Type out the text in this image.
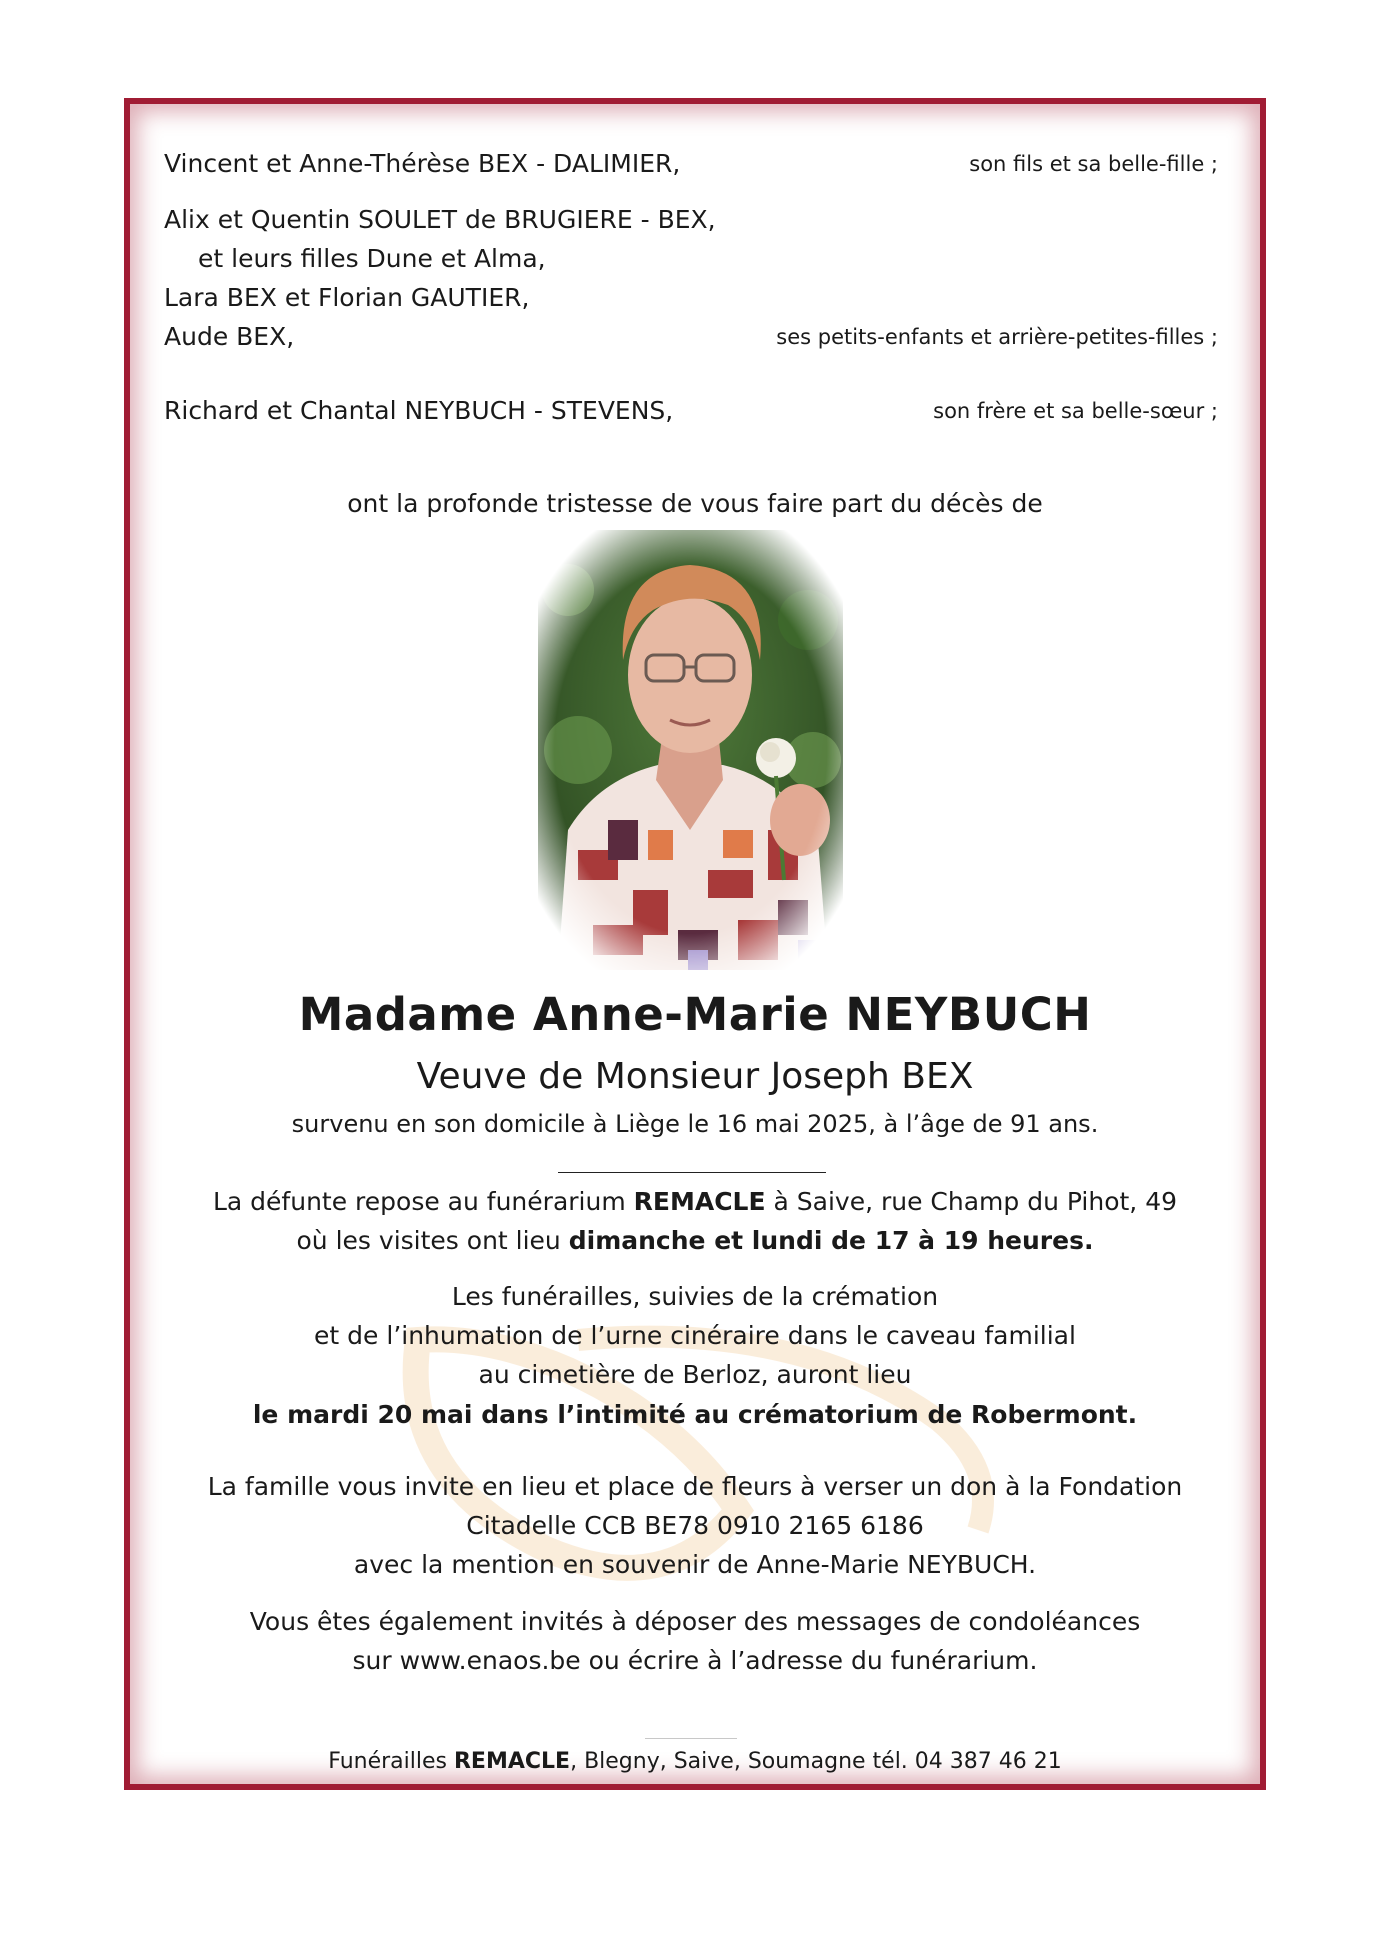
Vincent et Anne-Thérèse BEX - DALIMIER,	son fils et sa belle-fille ;
Alix et Quentin SOULET de BRUGIERE - BEX,
et leurs filles Dune et Alma,
Lara BEX et Florian GAUTIER,
Aude BEX,	ses petits-enfants et arrière-petites-filles ;
Richard et Chantal NEYBUCH - STEVENS,	son frère et sa belle-sœur ;
ont la profonde tristesse de vous faire part du décès de
Madame Anne-Marie NEYBUCH
Veuve de Monsieur Joseph BEX
survenu en son domicile à Liège le 16 mai 2025, à l’âge de 91 ans.
La défunte repose au funérarium REMACLE à Saive, rue Champ du Pihot, 49
où les visites ont lieu dimanche et lundi de 17 à 19 heures.
Les funérailles, suivies de la crémation
et de l’inhumation de l’urne cinéraire dans le caveau familial
au cimetière de Berloz, auront lieu
le mardi 20 mai dans l’intimité au crématorium de Robermont.
La famille vous invite en lieu et place de fleurs à verser un don à la Fondation
Citadelle CCB BE78 0910 2165 6186
avec la mention en souvenir de Anne-Marie NEYBUCH.
Vous êtes également invités à déposer des messages de condoléances
sur www.enaos.be ou écrire à l’adresse du funérarium.
Funérailles REMACLE, Blegny, Saive, Soumagne tél. 04 387 46 21
